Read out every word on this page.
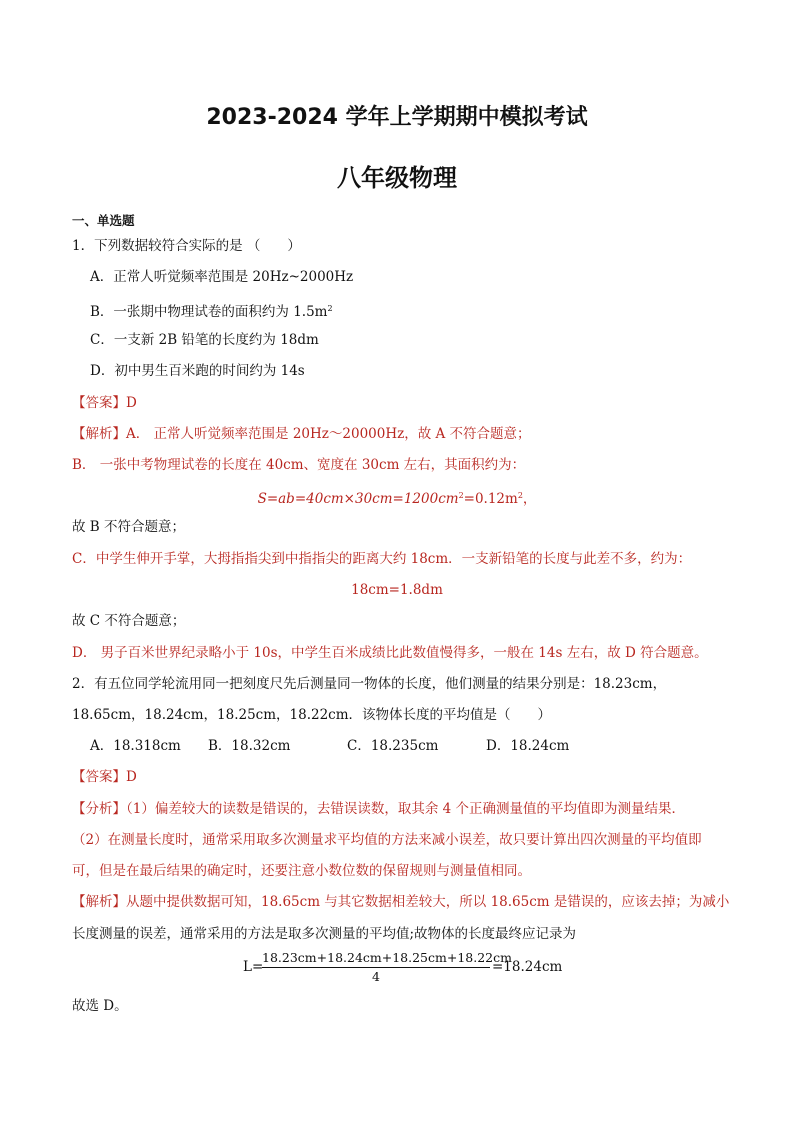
2023-2024 学年上学期期中模拟考试
八年级物理
一、单选题
1．下列数据较符合实际的是 （　　）
A．正常人听觉频率范围是 20Hz~2000Hz
B．一张期中物理试卷的面积约为 $1.5m^2$
C．一支新 2B 铅笔的长度约为 18dm
D．初中男生百米跑的时间约为 14s
【答案】D
【解析】A． 正常人听觉频率范围是 20Hz～20000Hz，故 A 不符合题意；
B． 一张中考物理试卷的长度在 40cm、宽度在 30cm 左右，其面积约为：
$S=ab=40cm\times 30cm=1200cm^2=0.12m^2$，
故 B 不符合题意；
C．中学生伸开手掌，大拇指指尖到中指指尖的距离大约 18cm．一支新铅笔的长度与此差不多，约为：
18cm=1.8dm
故 C 不符合题意；
D． 男子百米世界纪录略小于 10s，中学生百米成绩比此数值慢得多，一般在 14s 左右，故 D 符合题意。
2．有五位同学轮流用同一把刻度尺先后测量同一物体的长度，他们测量的结果分别是：18.23cm，
18.65cm，18.24cm，18.25cm，18.22cm．该物体长度的平均值是（　　）
A．18.318cm B．18.32cm	C．18.235cm	D．18.24cm
【答案】D
【分析】（1）偏差较大的读数是错误的，去错误读数，取其余 4 个正确测量值的平均值即为测量结果．
（2）在测量长度时，通常采用取多次测量求平均值的方法来减小误差，故只要计算出四次测量的平均值即
可，但是在最后结果的确定时，还要注意小数位数的保留规则与测量值相同。
【解析】从题中提供数据可知，18.65cm 与其它数据相差较大，所以 18.65cm 是错误的，应该去掉；为减小
长度测量的误差，通常采用的方法是取多次测量的平均值;故物体的长度最终应记录为
L=
$\frac{18.23cm+18.24cm+18.25cm+18.22cm}{4} =18.24cm$
故选 D。
